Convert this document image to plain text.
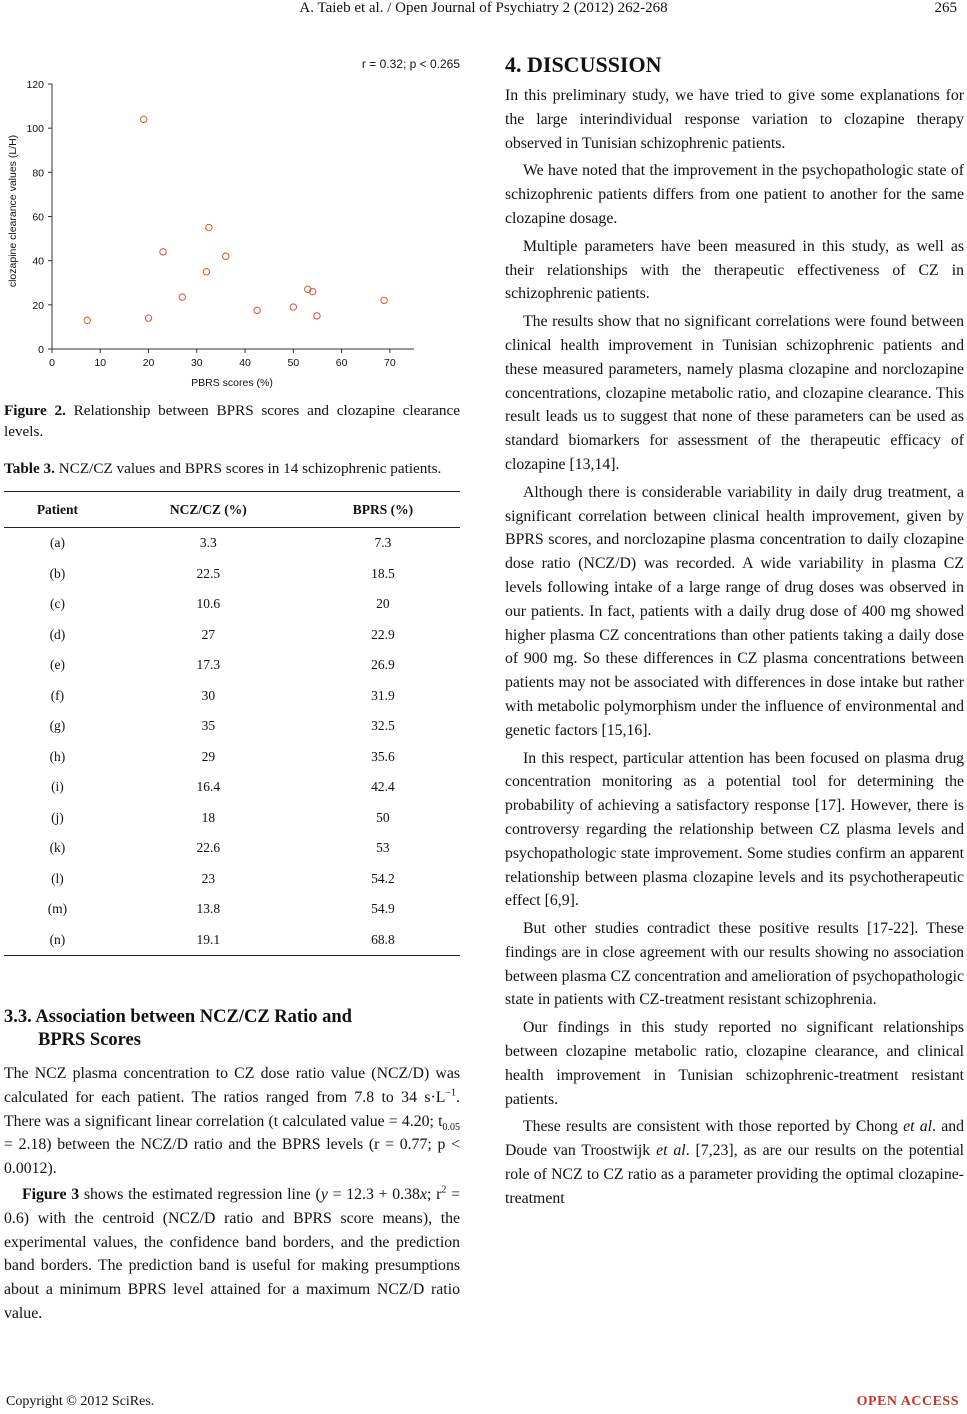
A. Taieb et al. / Open Journal of Psychiatry 2 (2012) 262-268	265
r = 0.32; p < 0.265
PBRS scores (%)
clozapine clearance values (L/H)
0	10	20	30	40	50	60	70
0
20
40
60
80
100
120
Figure 2. Relationship between BPRS scores and clozapine clearance levels.
Table 3. NCZ/CZ values and BPRS scores in 14 schizophrenic patients.
Patient	NCZ/CZ (%)	BPRS (%)
(a)	3.3	7.3
(b)	22.5	18.5
(c)	10.6	20
(d)	27	22.9
(e)	17.3	26.9
(f)	30	31.9
(g)	35	32.5
(h)	29	35.6
(i)	16.4	42.4
(j)	18	50
(k)	22.6	53
(l)	23	54.2
(m)	13.8	54.9
(n)	19.1	68.8
3.3. Association between NCZ/CZ Ratio and
BPRS Scores

The NCZ plasma concentration to CZ dose ratio value (NCZ/D) was calculated for each patient. The ratios ranged from 7.8 to 34 $s\cdot L^{-1}$. There was a significant linear correlation (t calculated value = 4.20; $t_{0.05} = 2.18$) between the NCZ/D ratio and the BPRS levels (r = 0.77; p < 0.0012).

Figure 3 shows the estimated regression line (y = 12.3 + 0.38x; $r^2 = 0.6$) with the centroid (NCZ/D ratio and BPRS score means), the experimental values, the confidence band borders, and the prediction band borders. The prediction band is useful for making presumptions about a minimum BPRS level attained for a maximum NCZ/D ratio value.

4. DISCUSSION

In this preliminary study, we have tried to give some explanations for the large interindividual response variation to clozapine therapy observed in Tunisian schizophrenic patients.

We have noted that the improvement in the psychopathologic state of schizophrenic patients differs from one patient to another for the same clozapine dosage.

Multiple parameters have been measured in this study, as well as their relationships with the therapeutic effectiveness of CZ in schizophrenic patients.

The results show that no significant correlations were found between clinical health improvement in Tunisian schizophrenic patients and these measured parameters, namely plasma clozapine and norclozapine concentrations, clozapine metabolic ratio, and clozapine clearance. This result leads us to suggest that none of these parameters can be used as standard biomarkers for assessment of the therapeutic efficacy of clozapine [13,14].

Although there is considerable variability in daily drug treatment, a significant correlation between clinical health improvement, given by BPRS scores, and norclozapine plasma concentration to daily clozapine dose ratio (NCZ/D) was recorded. A wide variability in plasma CZ levels following intake of a large range of drug doses was observed in our patients. In fact, patients with a daily drug dose of 400 mg showed higher plasma CZ concentrations than other patients taking a daily dose of 900 mg. So these differences in CZ plasma concentrations between patients may not be associated with differences in dose intake but rather with metabolic polymorphism under the influence of environmental and genetic factors [15,16].

In this respect, particular attention has been focused on plasma drug concentration monitoring as a potential tool for determining the probability of achieving a satisfactory response [17]. However, there is controversy regarding the relationship between CZ plasma levels and psychopathologic state improvement. Some studies confirm an apparent relationship between plasma clozapine levels and its psychotherapeutic effect [6,9].

But other studies contradict these positive results [17-22]. These findings are in close agreement with our results showing no association between plasma CZ concentration and amelioration of psychopathologic state in patients with CZ-treatment resistant schizophrenia.

Our findings in this study reported no significant relationships between clozapine metabolic ratio, clozapine clearance, and clinical health improvement in Tunisian schizophrenic-treatment resistant patients.

These results are consistent with those reported by Chong et al. and Doude van Troostwijk et al. [7,23], as are our results on the potential role of NCZ to CZ ratio as a parameter providing the optimal clozapine-treatment

Copyright © 2012 SciRes.	OPEN ACCESS
